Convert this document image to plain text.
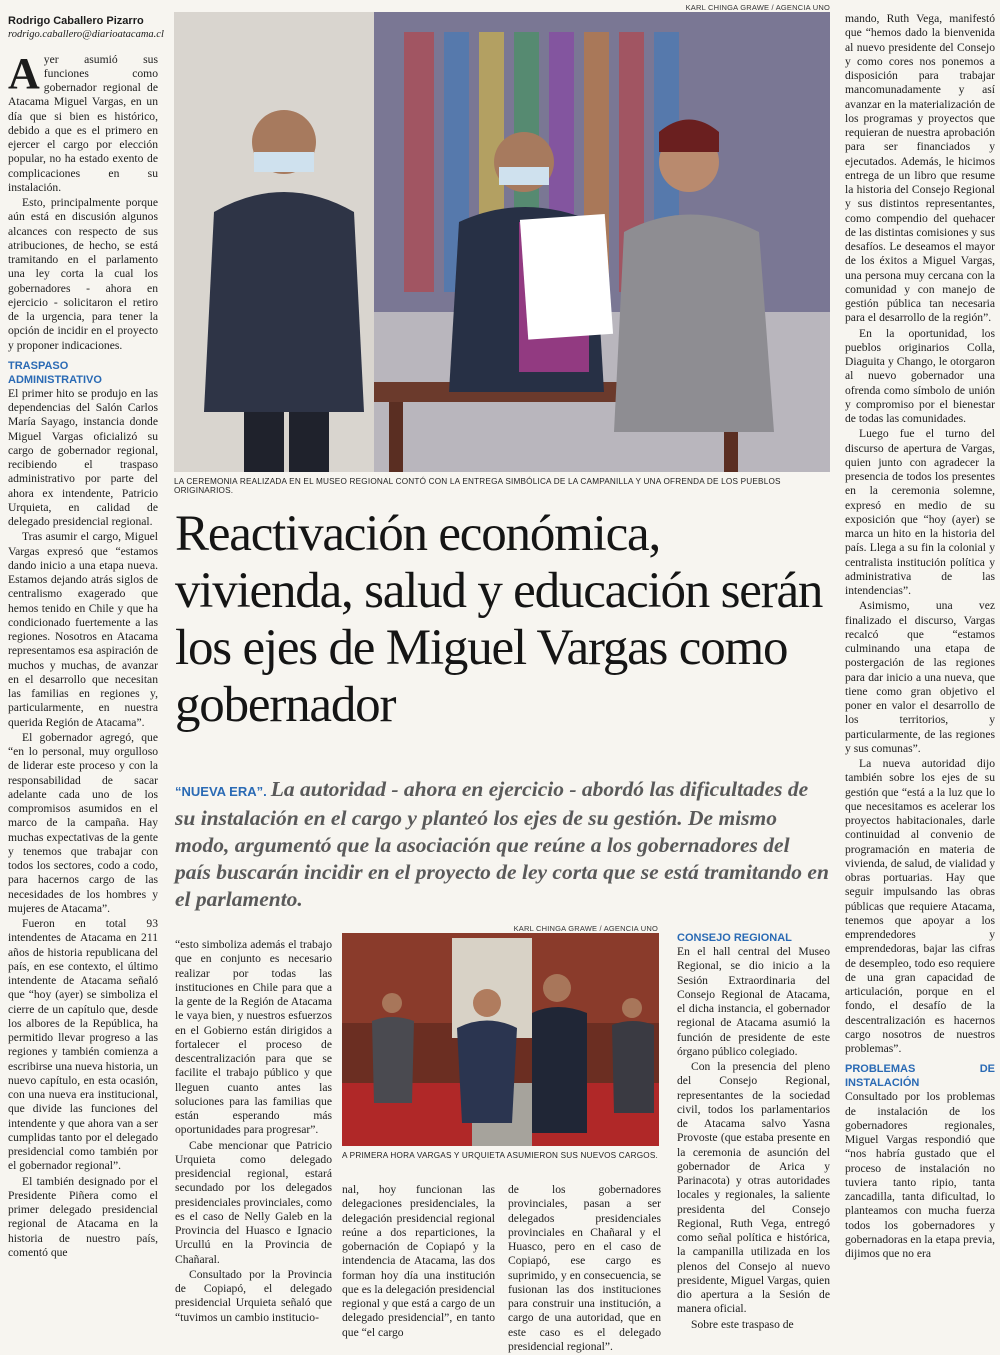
Rodrigo Caballero Pizarro
rodrigo.caballero@diarioatacama.cl

Ayer asumió sus funciones como gobernador regional de Atacama Miguel Vargas, en un día que si bien es histórico, debido a que es el primero en ejercer el cargo por elección popular, no ha estado exento de complicaciones en su instalación.

Esto, principalmente porque aún está en discusión algunos alcances con respecto de sus atribuciones, de hecho, se está tramitando en el parlamento una ley corta la cual los gobernadores - ahora en ejercicio - solicitaron el retiro de la urgencia, para tener la opción de incidir en el proyecto y proponer indicaciones.

TRASPASO ADMINISTRATIVO

El primer hito se produjo en las dependencias del Salón Carlos María Sayago, instancia donde Miguel Vargas oficializó su cargo de gobernador regional, recibiendo el traspaso administrativo por parte del ahora ex intendente, Patricio Urquieta, en calidad de delegado presidencial regional.

Tras asumir el cargo, Miguel Vargas expresó que “estamos dando inicio a una etapa nueva. Estamos dejando atrás siglos de centralismo exagerado que hemos tenido en Chile y que ha condicionado fuertemente a las regiones. Nosotros en Atacama representamos esa aspiración de muchos y muchas, de avanzar en el desarrollo que necesitan las familias en regiones y, particularmente, en nuestra querida Región de Atacama”.

El gobernador agregó, que “en lo personal, muy orgulloso de liderar este proceso y con la responsabilidad de sacar adelante cada uno de los compromisos asumidos en el marco de la campaña. Hay muchas expectativas de la gente y tenemos que trabajar con todos los sectores, codo a codo, para hacernos cargo de las necesidades de los hombres y mujeres de Atacama”.

Fueron en total 93 intendentes de Atacama en 211 años de historia republicana del país, en ese contexto, el último intendente de Atacama señaló que “hoy (ayer) se simboliza el cierre de un capítulo que, desde los albores de la República, ha permitido llevar progreso a las regiones y también comienza a escribirse una nueva historia, un nuevo capítulo, en esta ocasión, con una nueva era institucional, que divide las funciones del intendente y que ahora van a ser cumplidas tanto por el delegado presidencial como también por el gobernador regional”.

El también designado por el Presidente Piñera como el primer delegado presidencial regional de Atacama en la historia de nuestro país, comentó que

KARL CHINGA GRAWE / AGENCIA UNO
LA CEREMONIA REALIZADA EN EL MUSEO REGIONAL CONTÓ CON LA ENTREGA SIMBÓLICA DE LA CAMPANILLA Y UNA OFRENDA DE LOS PUEBLOS ORIGINARIOS.
Reactivación económica, vivienda, salud y educación serán los ejes de Miguel Vargas como gobernador
“NUEVA ERA”. La autoridad - ahora en ejercicio - abordó las dificultades de su instalación en el cargo y planteó los ejes de su gestión. De mismo modo, argumentó que la asociación que reúne a los gobernadores del país buscarán incidir en el proyecto de ley corta que se está tramitando en el parlamento.

“esto simboliza además el trabajo que en conjunto es necesario realizar por todas las instituciones en Chile para que a la gente de la Región de Atacama le vaya bien, y nuestros esfuerzos en el Gobierno están dirigidos a fortalecer el proceso de descentralización para que se facilite el trabajo público y que lleguen cuanto antes las soluciones para las familias que están esperando más oportunidades para progresar”.

Cabe mencionar que Patricio Urquieta como delegado presidencial regional, estará secundado por los delegados presidenciales provinciales, como es el caso de Nelly Galeb en la Provincia del Huasco e Ignacio Urcullú en la Provincia de Chañaral.

Consultado por la Provincia de Copiapó, el delegado presidencial Urquieta señaló que “tuvimos un cambio institucio-

KARL CHINGA GRAWE / AGENCIA UNO
A PRIMERA HORA VARGAS Y URQUIETA ASUMIERON SUS NUEVOS CARGOS.

nal, hoy funcionan las delegaciones presidenciales, la delegación presidencial regional reúne a dos reparticiones, la gobernación de Copiapó y la intendencia de Atacama, las dos forman hoy día una institución que es la delegación presidencial regional y que está a cargo de un delegado presidencial”, en tanto que “el cargo

de los gobernadores provinciales, pasan a ser delegados presidenciales provinciales en Chañaral y el Huasco, pero en el caso de Copiapó, ese cargo es suprimido, y en consecuencia, se fusionan las dos instituciones para construir una institución, a cargo de una autoridad, que en este caso es el delegado presidencial regional”.

CONSEJO REGIONAL

En el hall central del Museo Regional, se dio inicio a la Sesión Extraordinaria del Consejo Regional de Atacama, el dicha instancia, el gobernador regional de Atacama asumió la función de presidente de este órgano público colegiado.

Con la presencia del pleno del Consejo Regional, representantes de la sociedad civil, todos los parlamentarios de Atacama salvo Yasna Provoste (que estaba presente en la ceremonia de asunción del gobernador de Arica y Parinacota) y otras autoridades locales y regionales, la saliente presidenta del Consejo Regional, Ruth Vega, entregó como señal política e histórica, la campanilla utilizada en los plenos del Consejo al nuevo presidente, Miguel Vargas, quien dio apertura a la Sesión de manera oficial.

Sobre este traspaso de

mando, Ruth Vega, manifestó que “hemos dado la bienvenida al nuevo presidente del Consejo y como cores nos ponemos a disposición para trabajar mancomunadamente y así avanzar en la materialización de los programas y proyectos que requieran de nuestra aprobación para ser financiados y ejecutados. Además, le hicimos entrega de un libro que resume la historia del Consejo Regional y sus distintos representantes, como compendio del quehacer de las distintas comisiones y sus desafíos. Le deseamos el mayor de los éxitos a Miguel Vargas, una persona muy cercana con la comunidad y con manejo de gestión pública tan necesaria para el desarrollo de la región”.

En la oportunidad, los pueblos originarios Colla, Diaguita y Chango, le otorgaron al nuevo gobernador una ofrenda como símbolo de unión y compromiso por el bienestar de todas las comunidades.

Luego fue el turno del discurso de apertura de Vargas, quien junto con agradecer la presencia de todos los presentes en la ceremonia solemne, expresó en medio de su exposición que “hoy (ayer) se marca un hito en la historia del país. Llega a su fin la colonial y centralista institución política y administrativa de las intendencias”.

Asimismo, una vez finalizado el discurso, Vargas recalcó que “estamos culminando una etapa de postergación de las regiones para dar inicio a una nueva, que tiene como gran objetivo el poner en valor el desarrollo de los territorios, y particularmente, de las regiones y sus comunas”.

La nueva autoridad dijo también sobre los ejes de su gestión que “está a la luz que lo que necesitamos es acelerar los proyectos habitacionales, darle continuidad al convenio de programación en materia de vivienda, de salud, de vialidad y obras portuarias. Hay que seguir impulsando las obras públicas que requiere Atacama, tenemos que apoyar a los emprendedores y emprendedoras, bajar las cifras de desempleo, todo eso requiere de una gran capacidad de articulación, porque en el fondo, el desafío de la descentralización es hacernos cargo nosotros de nuestros problemas”.

PROBLEMAS DE INSTALACIÓN

Consultado por los problemas de instalación de los gobernadores regionales, Miguel Vargas respondió que “nos habría gustado que el proceso de instalación no tuviera tanto ripio, tanta zancadilla, tanta dificultad, lo planteamos con mucha fuerza todos los gobernadores y gobernadoras en la etapa previa, dijimos que no era
